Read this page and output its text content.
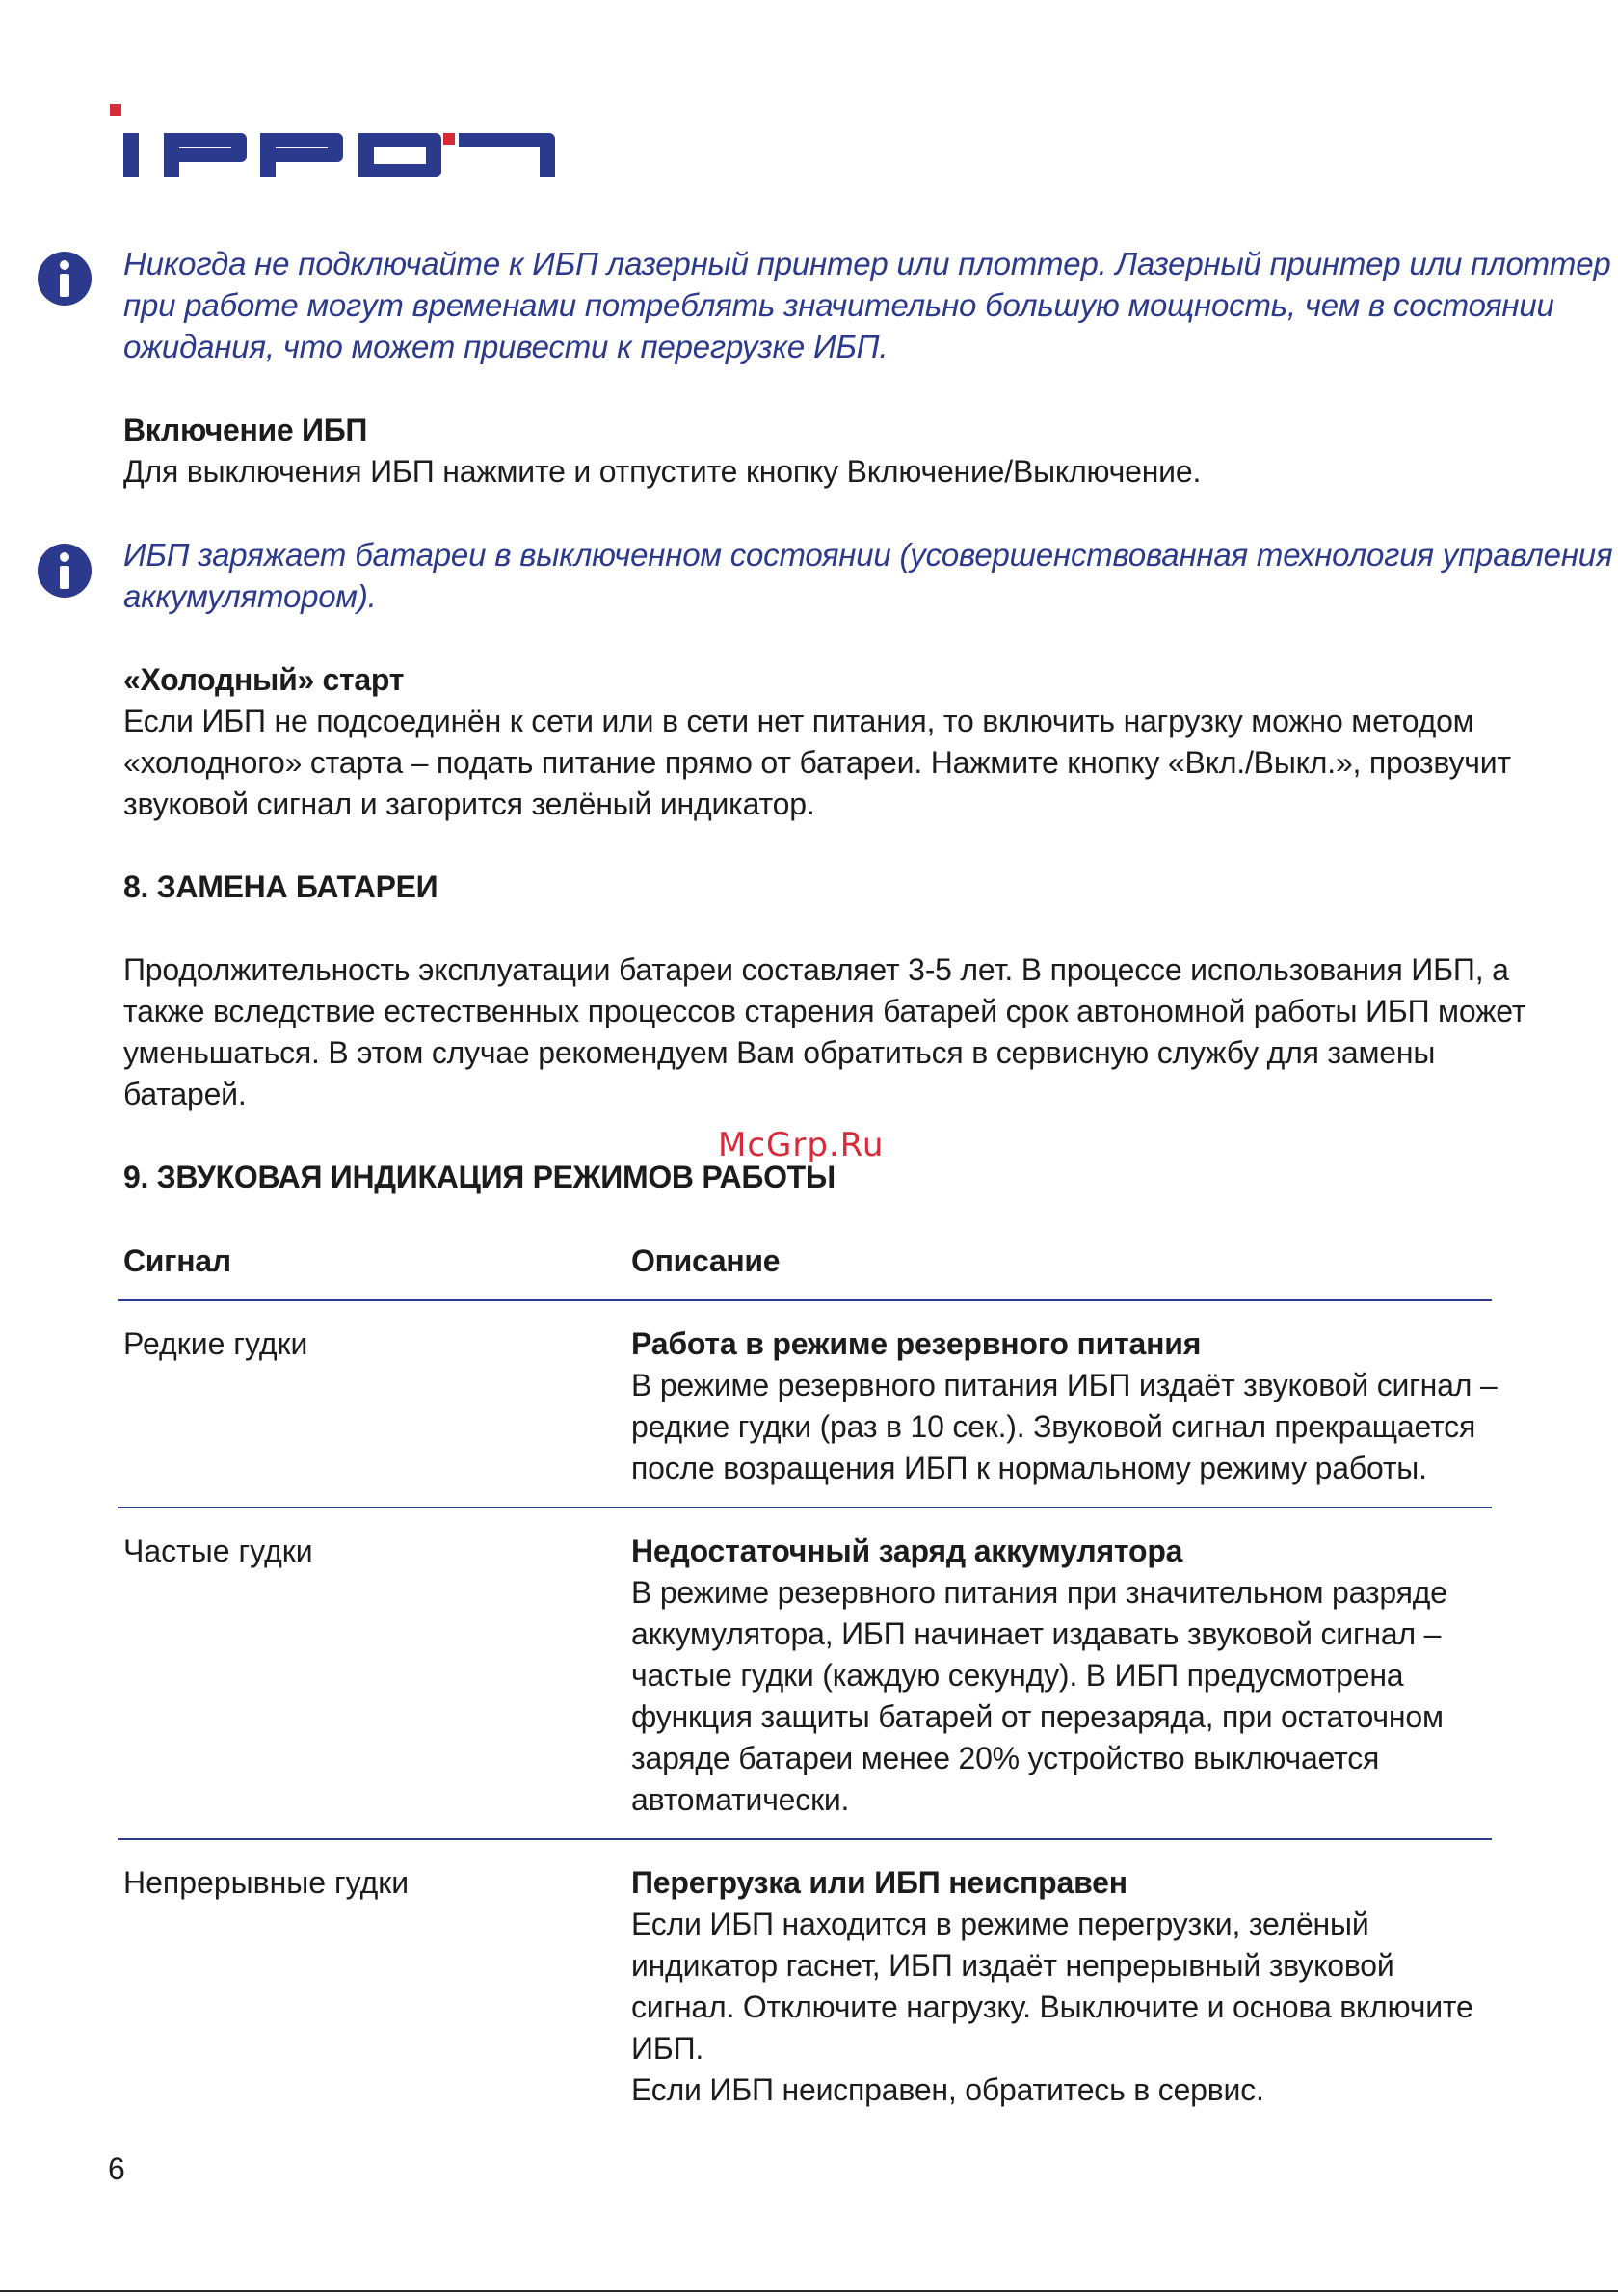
Никогда не подключайте к ИБП лазерный принтер или плоттер. Лазерный принтер или плоттер
при работе могут временами потреблять значительно большую мощность, чем в состоянии
ожидания, что может привести к перегрузке ИБП.
Включение ИБП
Для выключения ИБП нажмите и отпустите кнопку Включение/Выключение.
ИБП заряжает батареи в выключенном состоянии (усовершенствованная технология управления
аккумулятором).
«Холодный» старт
Если ИБП не подсоединён к сети или в сети нет питания, то включить нагрузку можно методом
«холодного» старта – подать питание прямо от батареи. Нажмите кнопку «Вкл./Выкл.», прозвучит
звуковой сигнал и загорится зелёный индикатор.
8. ЗАМЕНА БАТАРЕИ
Продолжительность эксплуатации батареи составляет 3-5 лет. В процессе использования ИБП, а
также вследствие естественных процессов старения батарей срок автономной работы ИБП может
уменьшаться. В этом случае рекомендуем Вам обратиться в сервисную службу для замены
батарей.
McGrp.Ru
9. ЗВУКОВАЯ ИНДИКАЦИЯ РЕЖИМОВ РАБОТЫ
Сигнал	Описание
Редкие гудки	Работа в режиме резервного питания
В режиме резервного питания ИБП издаёт звуковой сигнал –
редкие гудки (раз в 10 сек.). Звуковой сигнал прекращается
после возращения ИБП к нормальному режиму работы.
Частые гудки	Недостаточный заряд аккумулятора
В режиме резервного питания при значительном разряде
аккумулятора, ИБП начинает издавать звуковой сигнал –
частые гудки (каждую секунду). В ИБП предусмотрена
функция защиты батарей от перезаряда, при остаточном
заряде батареи менее 20% устройство выключается
автоматически.
Непрерывные гудки	Перегрузка или ИБП неисправен
Если ИБП находится в режиме перегрузки, зелёный
индикатор гаснет, ИБП издаёт непрерывный звуковой
сигнал. Отключите нагрузку. Выключите и основа включите
ИБП.
Если ИБП неисправен, обратитесь в сервис.
6
